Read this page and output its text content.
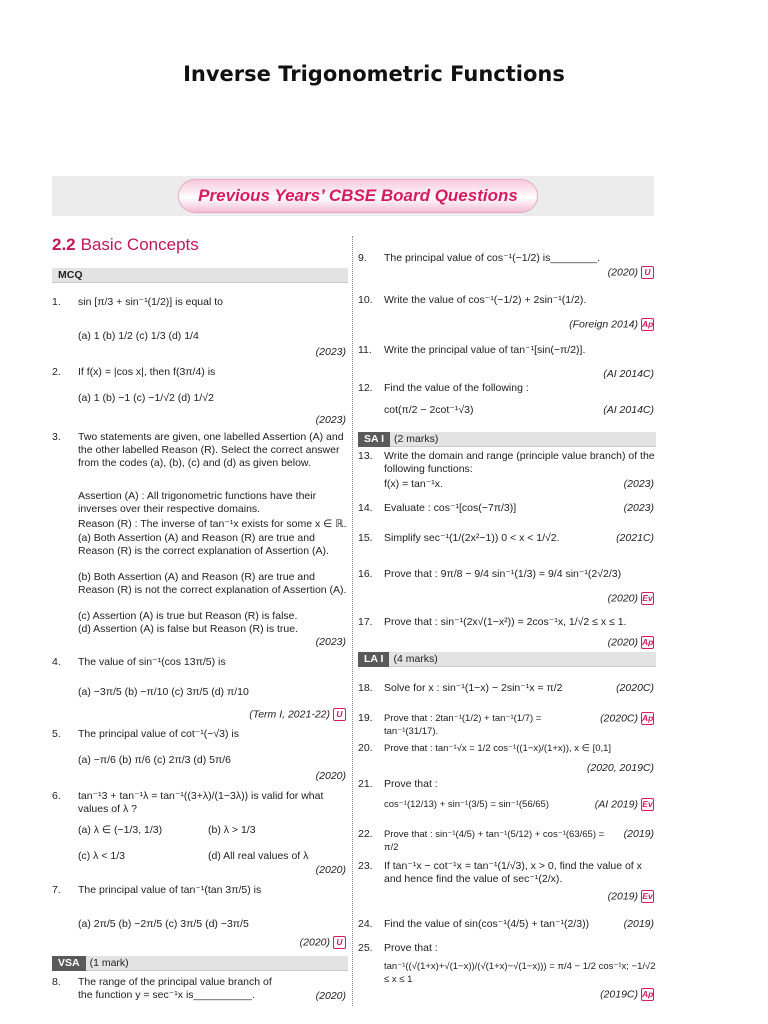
Inverse Trigonometric Functions
Previous Years’ CBSE Board Questions
2.2 Basic Concepts
MCQ
1.	sin [π/3 + sin⁻¹(1/2)] is equal to
(a) 1 (b) 1/2 (c) 1/3 (d) 1/4
(2023)
2.	If f(x) = |cos x|, then f(3π/4) is
(a) 1 (b) −1 (c) −1/√2 (d) 1/√2
(2023)
3.	Two statements are given, one labelled Assertion (A) and the other labelled Reason (R). Select the correct answer from the codes (a), (b), (c) and (d) as given below.
Assertion (A) : All trigonometric functions have their inverses over their respective domains.
Reason (R) : The inverse of tan⁻¹x exists for some x ∈ ℝ.
(a) Both Assertion (A) and Reason (R) are true and Reason (R) is the correct explanation of Assertion (A).
(b) Both Assertion (A) and Reason (R) are true and Reason (R) is not the correct explanation of Assertion (A).
(c) Assertion (A) is true but Reason (R) is false.
(d) Assertion (A) is false but Reason (R) is true.
(2023)
4.	The value of sin⁻¹(cos 13π/5) is
(a) −3π/5 (b) −π/10 (c) 3π/5 (d) π/10
(Term I, 2021-22) U
5.	The principal value of cot⁻¹(−√3) is
(a) −π/6 (b) π/6 (c) 2π/3 (d) 5π/6
(2020)
6.	tan⁻¹3 + tan⁻¹λ = tan⁻¹((3+λ)/(1−3λ)) is valid for what values of λ ?
(a) λ ∈ (−1/3, 1/3)	(b) λ > 1/3
(c) λ < 1/3	(d) All real values of λ
(2020)
7.	The principal value of tan⁻¹(tan 3π/5) is
(a) 2π/5 (b) −2π/5 (c) 3π/5 (d) −3π/5
(2020) U
VSA (1 mark)
8.	The range of the principal value branch of the function y = sec⁻¹x is__________.	(2020)
9.	The principal value of cos⁻¹(−1/2) is________.
(2020) U
10.	Write the value of cos⁻¹(−1/2) + 2sin⁻¹(1/2).
(Foreign 2014) Ap
11.	Write the principal value of tan⁻¹[sin(−π/2)].
(AI 2014C)
12.	Find the value of the following :
cot(π/2 − 2cot⁻¹√3)	(AI 2014C)
SA I (2 marks)
13.	Write the domain and range (principle value branch) of the following functions:
f(x) = tan⁻¹x.	(2023)
14.	Evaluate : cos⁻¹[cos(−7π/3)]	(2023)
15.	Simplify sec⁻¹(1/(2x²−1)) 0 < x < 1/√2.	(2021C)
16.	Prove that : 9π/8 − 9/4 sin⁻¹(1/3) = 9/4 sin⁻¹(2√2/3)
(2020) Ev
17.	Prove that : sin⁻¹(2x√(1−x²)) = 2cos⁻¹x, 1/√2 ≤ x ≤ 1.
(2020) Ap
LA I (4 marks)
18.	Solve for x : sin⁻¹(1−x) − 2sin⁻¹x = π/2	(2020C)
19.	Prove that : 2tan⁻¹(1/2) + tan⁻¹(1/7) = tan⁻¹(31/17).
(2020C) Ap
20.	Prove that : tan⁻¹√x = 1/2 cos⁻¹((1−x)/(1+x)), x ∈ [0,1]
(2020, 2019C)
21.	Prove that :
cos⁻¹(12/13) + sin⁻¹(3/5) = sin⁻¹(56/65)	(AI 2019) Ev
22.	Prove that : sin⁻¹(4/5) + tan⁻¹(5/12) + cos⁻¹(63/65) = π/2
(2019)
23.	If tan⁻¹x − cot⁻¹x = tan⁻¹(1/√3), x > 0, find the value of x and hence find the value of sec⁻¹(2/x).
(2019) Ev
24.	Find the value of sin(cos⁻¹(4/5) + tan⁻¹(2/3))	(2019)
25.	Prove that :
tan⁻¹((√(1+x)+√(1−x))/(√(1+x)−√(1−x))) = π/4 − 1/2 cos⁻¹x; −1/√2 ≤ x ≤ 1
(2019C) Ap
